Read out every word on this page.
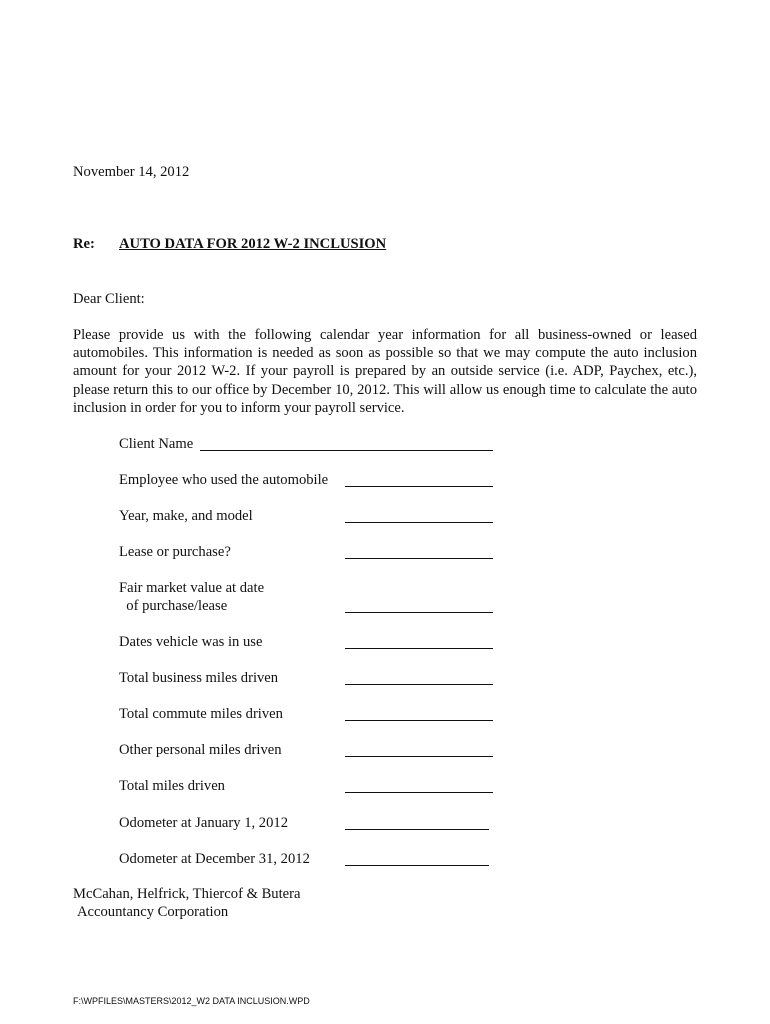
November 14, 2012
Re: AUTO DATA FOR 2012 W-2 INCLUSION
Dear Client:
Please provide us with the following calendar year information for all business-owned or leased automobiles. This information is needed as soon as possible so that we may compute the auto inclusion amount for your 2012 W-2. If your payroll is prepared by an outside service (i.e. ADP, Paychex, etc.), please return this to our office by December 10, 2012. This will allow us enough time to calculate the auto inclusion in order for you to inform your payroll service.
Client Name
Employee who used the automobile
Year, make, and model
Lease or purchase?
Fair market value at date
of purchase/lease
Dates vehicle was in use
Total business miles driven
Total commute miles driven
Other personal miles driven
Total miles driven
Odometer at January 1, 2012
Odometer at December 31, 2012
McCahan, Helfrick, Thiercof & Butera
Accountancy Corporation
F:\WPFILES\MASTERS\2012_W2 DATA INCLUSION.WPD
